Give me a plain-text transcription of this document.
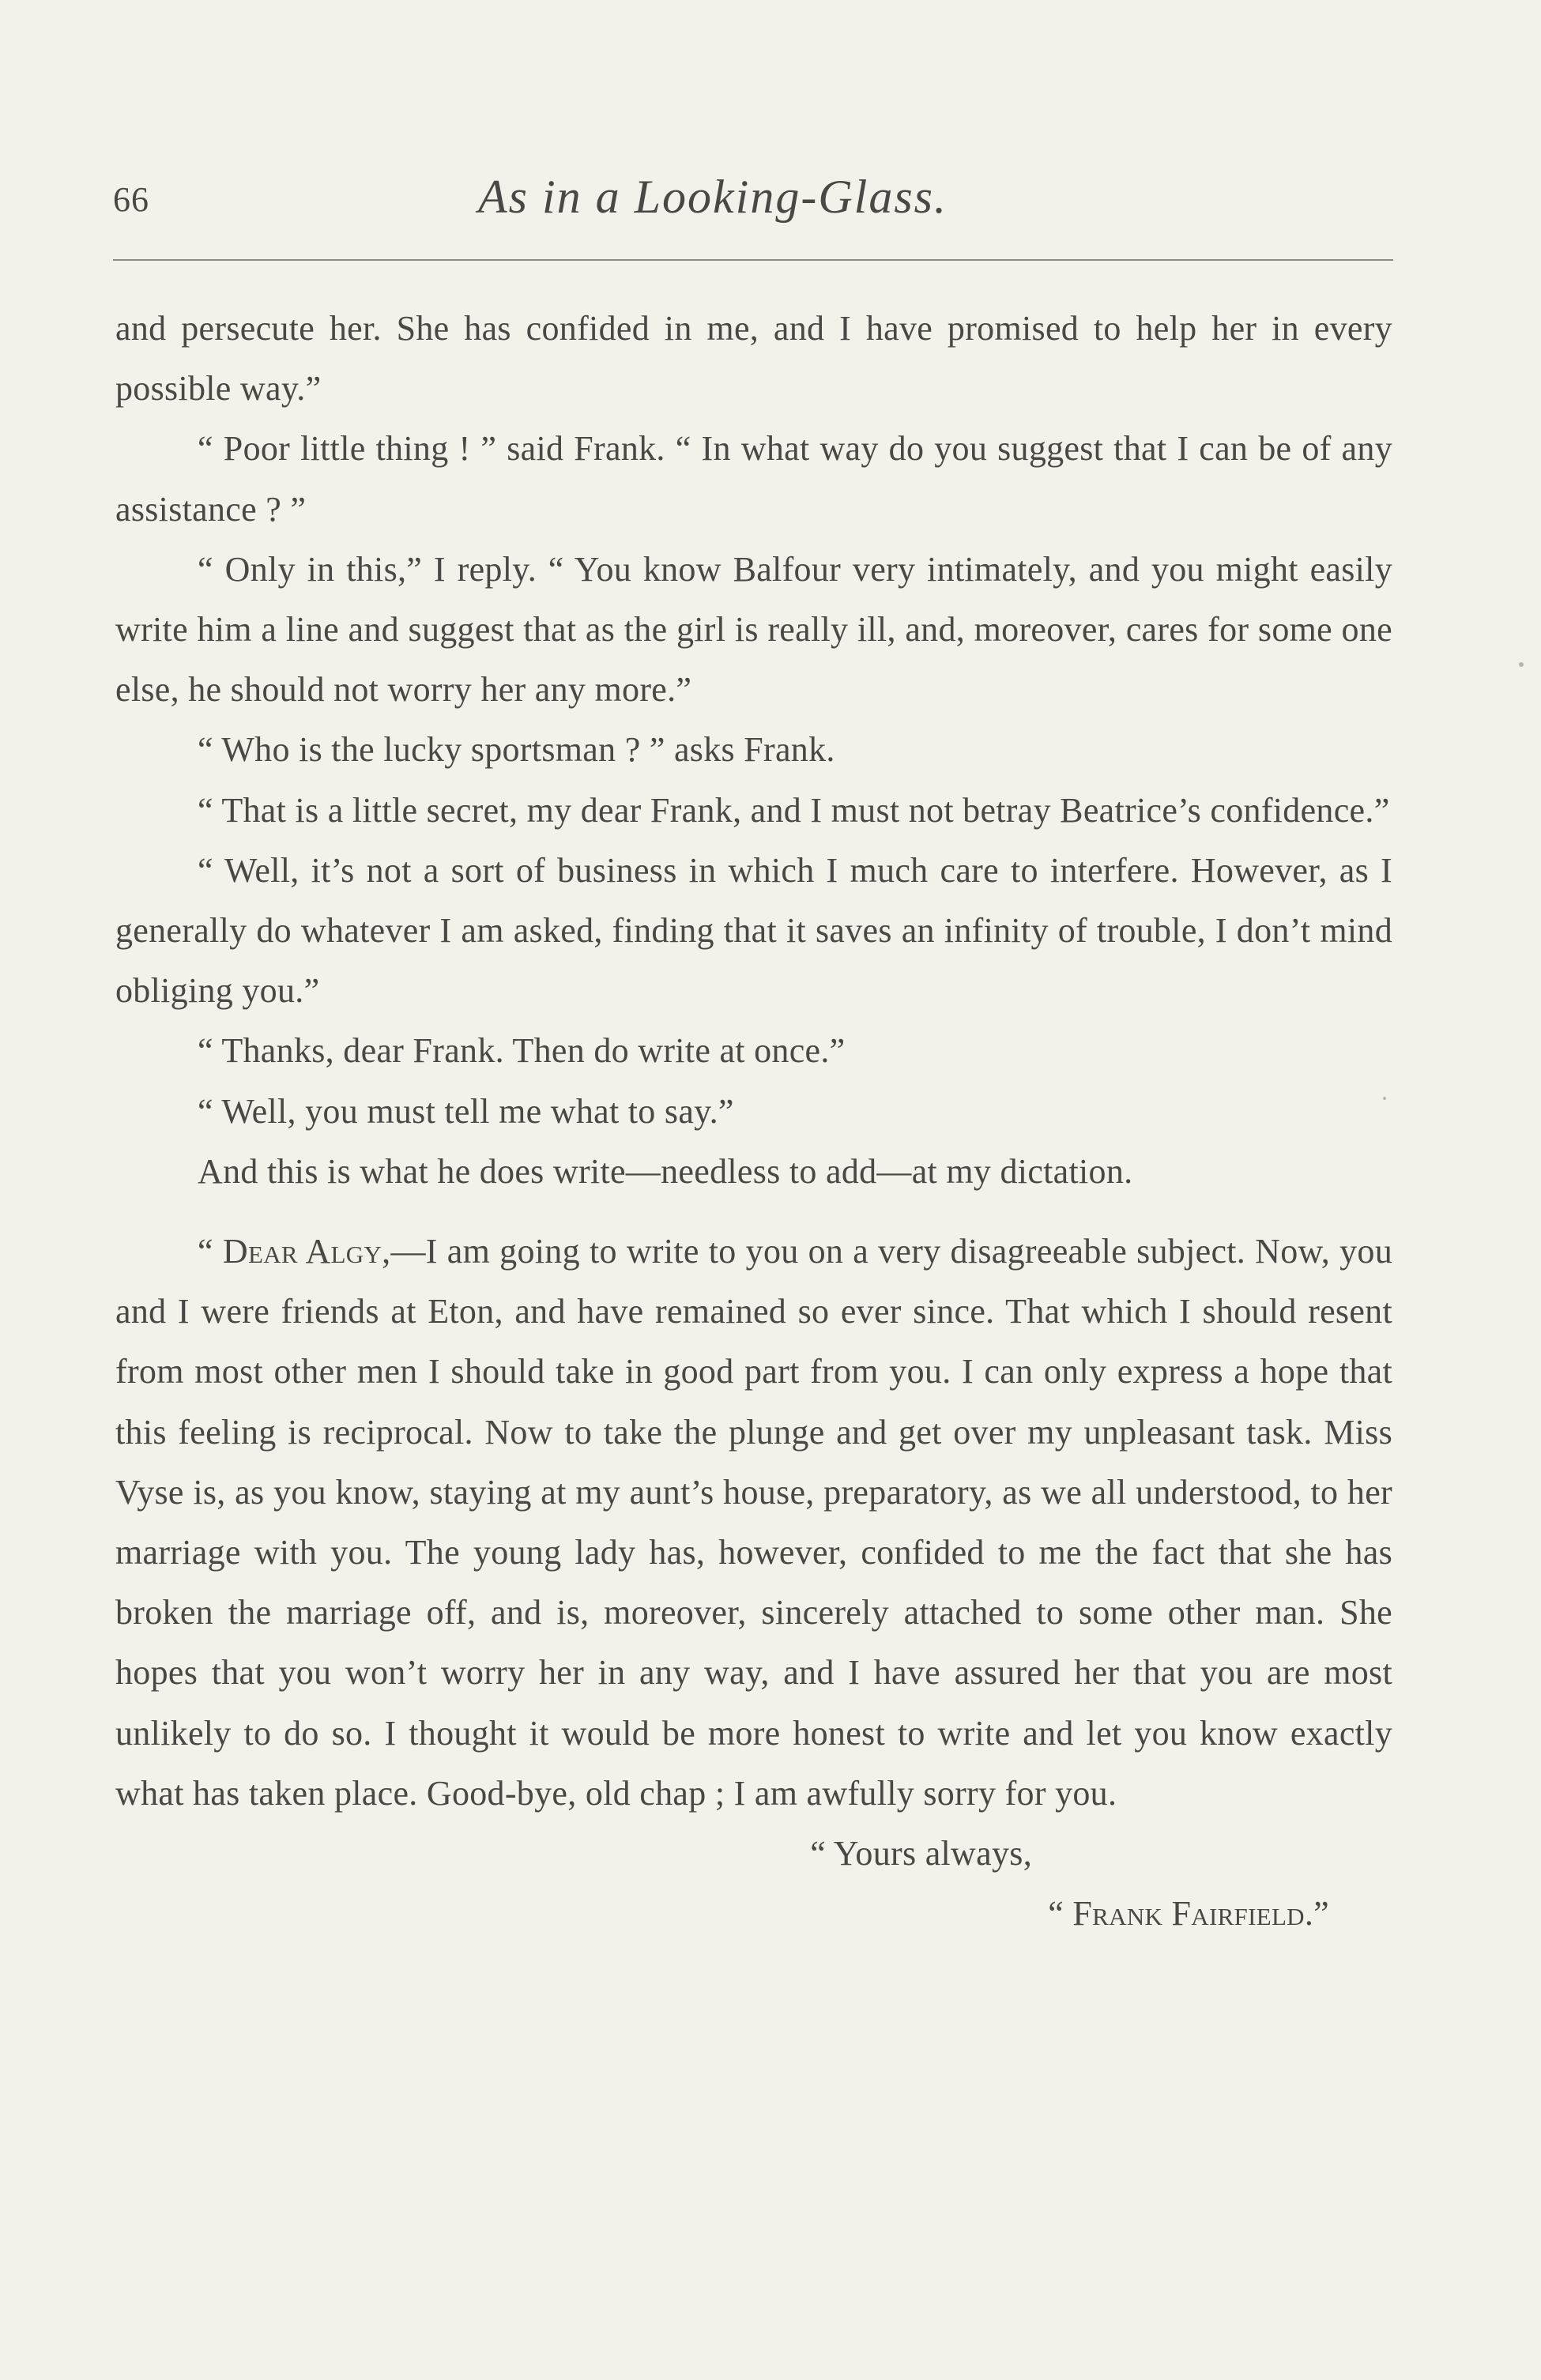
66	As in a Looking-Glass.

and persecute her. She has confided in me, and I have promised to help her in every possible way.”

“ Poor little thing ! ” said Frank. “ In what way do you suggest that I can be of any assistance ? ”

“ Only in this,” I reply. “ You know Balfour very intimately, and you might easily write him a line and suggest that as the girl is really ill, and, moreover, cares for some one else, he should not worry her any more.”

“ Who is the lucky sportsman ? ” asks Frank.

“ That is a little secret, my dear Frank, and I must not betray Beatrice’s confidence.”

“ Well, it’s not a sort of business in which I much care to interfere. However, as I generally do whatever I am asked, finding that it saves an infinity of trouble, I don’t mind obliging you.”

“ Thanks, dear Frank. Then do write at once.”

“ Well, you must tell me what to say.”

And this is what he does write—needless to add—at my dictation.

“ Dear Algy,—I am going to write to you on a very disagreeable subject. Now, you and I were friends at Eton, and have remained so ever since. That which I should resent from most other men I should take in good part from you. I can only express a hope that this feeling is reciprocal. Now to take the plunge and get over my unpleasant task. Miss Vyse is, as you know, staying at my aunt’s house, preparatory, as we all understood, to her marriage with you. The young lady has, however, confided to me the fact that she has broken the marriage off, and is, moreover, sincerely attached to some other man. She hopes that you won’t worry her in any way, and I have assured her that you are most unlikely to do so. I thought it would be more honest to write and let you know exactly what has taken place. Good-bye, old chap ; I am awfully sorry for you.

“ Yours always,

“ Frank Fairfield.”
